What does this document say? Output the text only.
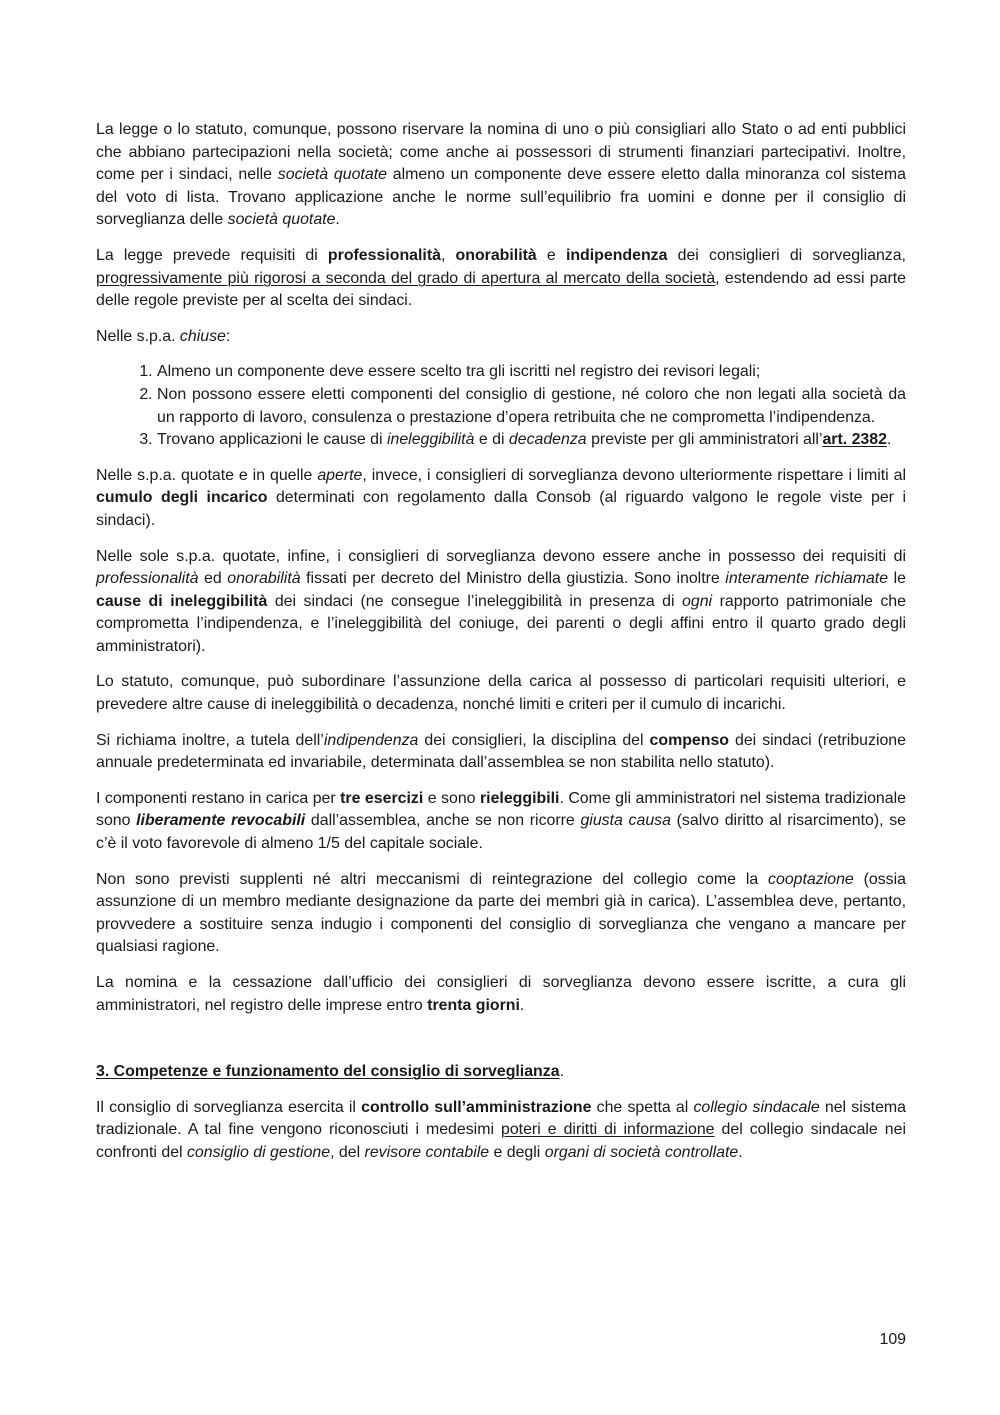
La legge o lo statuto, comunque, possono riservare la nomina di uno o più consigliari allo Stato o ad enti pubblici che abbiano partecipazioni nella società; come anche ai possessori di strumenti finanziari partecipativi. Inoltre, come per i sindaci, nelle società quotate almeno un componente deve essere eletto dalla minoranza col sistema del voto di lista. Trovano applicazione anche le norme sull’equilibrio fra uomini e donne per il consiglio di sorveglianza delle società quotate.

La legge prevede requisiti di professionalità, onorabilità e indipendenza dei consiglieri di sorveglianza, progressivamente più rigorosi a seconda del grado di apertura al mercato della società, estendendo ad essi parte delle regole previste per al scelta dei sindaci.

Nelle s.p.a. chiuse:

1. Almeno un componente deve essere scelto tra gli iscritti nel registro dei revisori legali;
2. Non possono essere eletti componenti del consiglio di gestione, né coloro che non legati alla società da un rapporto di lavoro, consulenza o prestazione d’opera retribuita che ne comprometta l’indipendenza.
3. Trovano applicazioni le cause di ineleggibilità e di decadenza previste per gli amministratori all’art. 2382.

Nelle s.p.a. quotate e in quelle aperte, invece, i consiglieri di sorveglianza devono ulteriormente rispettare i limiti al cumulo degli incarico determinati con regolamento dalla Consob (al riguardo valgono le regole viste per i sindaci).

Nelle sole s.p.a. quotate, infine, i consiglieri di sorveglianza devono essere anche in possesso dei requisiti di professionalità ed onorabilità fissati per decreto del Ministro della giustizia. Sono inoltre interamente richiamate le cause di ineleggibilità dei sindaci (ne consegue l’ineleggibilità in presenza di ogni rapporto patrimoniale che comprometta l’indipendenza, e l’ineleggibilità del coniuge, dei parenti o degli affini entro il quarto grado degli amministratori).

Lo statuto, comunque, può subordinare l’assunzione della carica al possesso di particolari requisiti ulteriori, e prevedere altre cause di ineleggibilità o decadenza, nonché limiti e criteri per il cumulo di incarichi.

Si richiama inoltre, a tutela dell’indipendenza dei consiglieri, la disciplina del compenso dei sindaci (retribuzione annuale predeterminata ed invariabile, determinata dall’assemblea se non stabilita nello statuto).

I componenti restano in carica per tre esercizi e sono rieleggibili. Come gli amministratori nel sistema tradizionale sono liberamente revocabili dall’assemblea, anche se non ricorre giusta causa (salvo diritto al risarcimento), se c’è il voto favorevole di almeno 1/5 del capitale sociale.

Non sono previsti supplenti né altri meccanismi di reintegrazione del collegio come la cooptazione (ossia assunzione di un membro mediante designazione da parte dei membri già in carica). L’assemblea deve, pertanto, provvedere a sostituire senza indugio i componenti del consiglio di sorveglianza che vengano a mancare per qualsiasi ragione.

La nomina e la cessazione dall’ufficio dei consiglieri di sorveglianza devono essere iscritte, a cura gli amministratori, nel registro delle imprese entro trenta giorni.

3. Competenze e funzionamento del consiglio di sorveglianza.

Il consiglio di sorveglianza esercita il controllo sull’amministrazione che spetta al collegio sindacale nel sistema tradizionale. A tal fine vengono riconosciuti i medesimi poteri e diritti di informazione del collegio sindacale nei confronti del consiglio di gestione, del revisore contabile e degli organi di società controllate.

109
